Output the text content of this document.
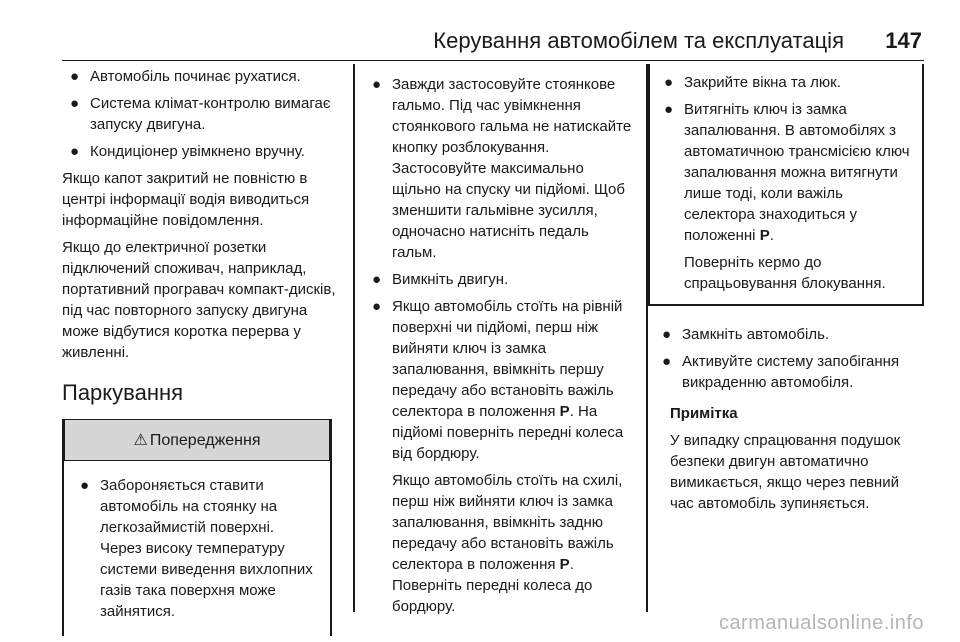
Керування автомобілем та експлуатація 147
● Автомобіль починає рухатися.
● Система клімат-контролю вимагає запуску двигуна.
● Кондиціонер увімкнено вручну.

Якщо капот закритий не повністю в центрі інформації водія виводиться інформаційне повідомлення.

Якщо до електричної розетки підключений споживач, наприклад, портативний програвач компакт-дисків, під час повторного запуску двигуна може відбутися коротка перерва у живленні.

Паркування
⚠ Попередження
● Забороняється ставити автомобіль на стоянку на легкозаймистій поверхні. Через високу температуру системи виведення вихлопних газів така поверхня може зайнятися.
● Завжди застосовуйте стоянкове гальмо. Під час увімкнення стоянкового гальма не натискайте кнопку розблокування.
Застосовуйте максимально щільно на спуску чи підйомі. Щоб зменшити гальмівне зусилля, одночасно натисніть педаль гальм.
● Вимкніть двигун.
● Якщо автомобіль стоїть на рівній поверхні чи підйомі, перш ніж вийняти ключ із замка запалювання, ввімкніть першу передачу або встановіть важіль селектора в положення P. На підйомі поверніть передні колеса від бордюру.

Якщо автомобіль стоїть на схилі, перш ніж вийняти ключ із замка запалювання, ввімкніть задню передачу або встановіть важіль селектора в положення P. Поверніть передні колеса до бордюру.

● Закрийте вікна та люк.
● Витягніть ключ із замка запалювання. В автомобілях з автоматичною трансмісією ключ запалювання можна витягнути лише тоді, коли важіль селектора знаходиться у положенні P.

Поверніть кермо до спрацьовування блокування.

● Замкніть автомобіль.
● Активуйте систему запобігання викраденню автомобіля.

Примітка

У випадку спрацювання подушок безпеки двигун автоматично вимикається, якщо через певний час автомобіль зупиняється.

carmanualsonline.info
